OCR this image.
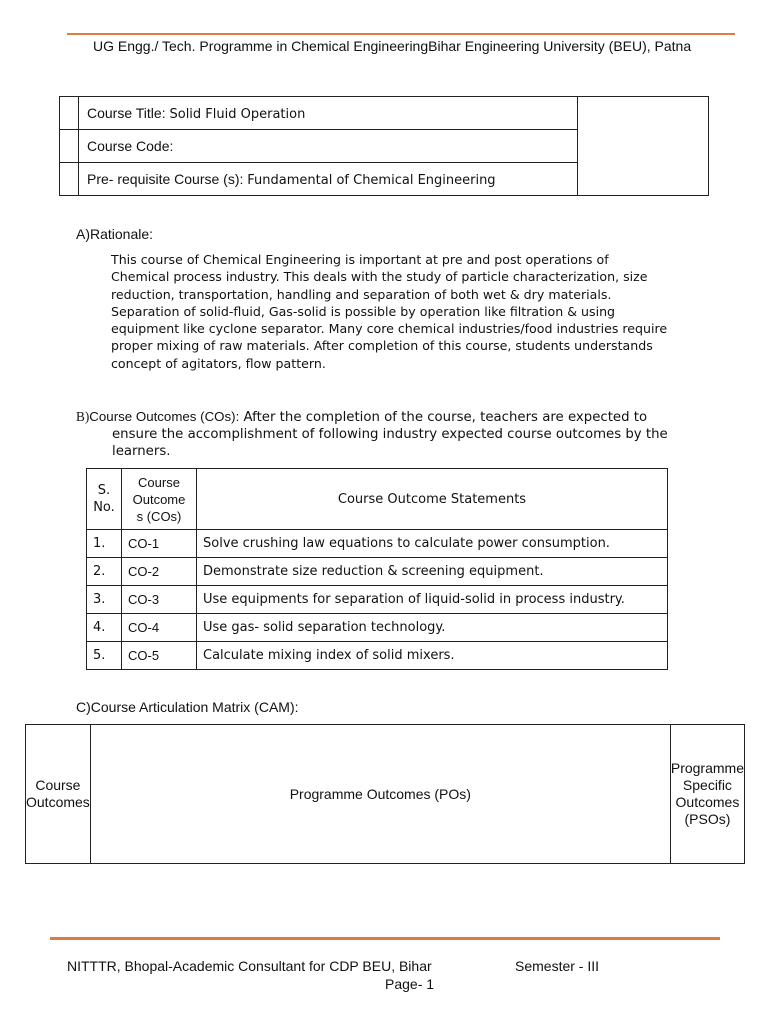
UG Engg./ Tech. Programme in Chemical EngineeringBihar Engineering University (BEU), Patna
	Course Title: Solid Fluid Operation	
	Course Code:	
	Pre- requisite Course (s): Fundamental of Chemical Engineering	
A)Rationale:
This course of Chemical Engineering is important at pre and post operations of Chemical process industry. This deals with the study of particle characterization, size reduction, transportation, handling and separation of both wet & dry materials. Separation of solid-fluid, Gas-solid is possible by operation like filtration & using equipment like cyclone separator. Many core chemical industries/food industries require proper mixing of raw materials. After completion of this course, students understands concept of agitators, flow pattern.
B)Course Outcomes (COs): After the completion of the course, teachers are expected to
ensure the accomplishment of following industry expected course outcomes by the learners.
S. No.	Course Outcome s (COs)	Course Outcome Statements
1.	CO-1	Solve crushing law equations to calculate power consumption.
2.	CO-2	Demonstrate size reduction & screening equipment.
3.	CO-3	Use equipments for separation of liquid-solid in process industry.
4.	CO-4	Use gas- solid separation technology.
5.	CO-5	Calculate mixing index of solid mixers.
C)Course Articulation Matrix (CAM):
Course Outcomes	Programme Outcomes (POs)	Programme Specific Outcomes (PSOs)
NITTTR, Bhopal-Academic Consultant for CDP BEU, Bihar	Semester - III
Page- 1
